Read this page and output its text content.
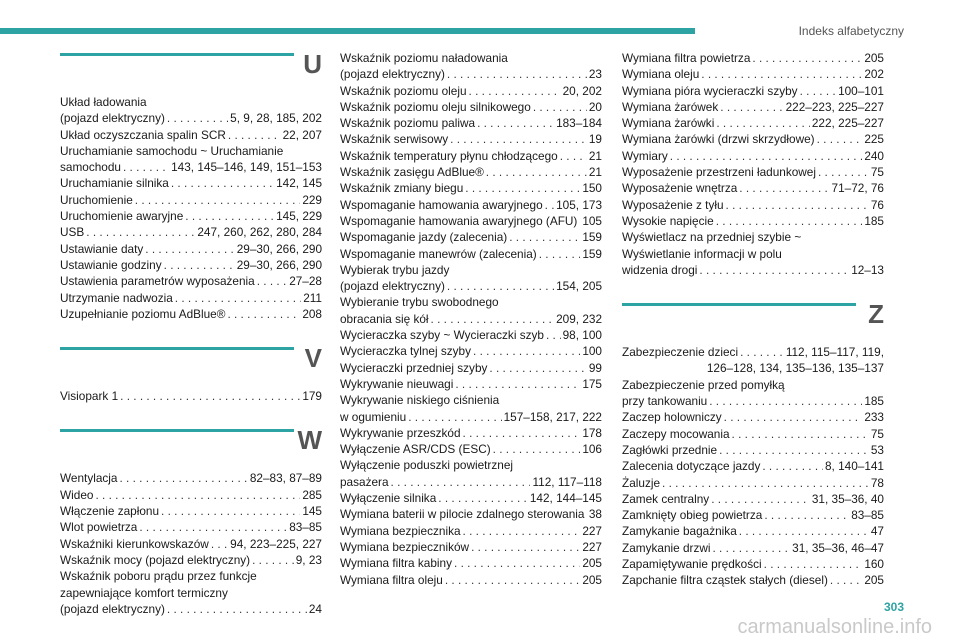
Indeks alfabetyczny
U
Układ ładowania
(pojazd elektryczny) . . .	5, 9, 28, 185, 202
Układ oczyszczania spalin SCR . . .	22, 207
Uruchamianie samochodu ~ Uruchamianie
samochodu . . .	143, 145–146, 149, 151–153
Uruchamianie silnika . . .	142, 145
Uruchomienie . . .	229
Uruchomienie awaryjne . . .	145, 229
USB . . .	247, 260, 262, 280, 284
Ustawianie daty . . .	29–30, 266, 290
Ustawianie godziny . . .	29–30, 266, 290
Ustawienia parametrów wyposażenia . . .	27–28
Utrzymanie nadwozia . . .	211
Uzupełnianie poziomu AdBlue® . . .	208
V
Visiopark 1 . . .	179
W
Wentylacja . . .	82–83, 87–89
Wideo . . .	285
Włączenie zapłonu . . .	145
Wlot powietrza . . .	83–85
Wskaźniki kierunkowskazów . . . 94, 223–225, 227
Wskaźnik mocy (pojazd elektryczny) . . .	9, 23
Wskaźnik poboru prądu przez funkcje
zapewniające komfort termiczny
(pojazd elektryczny) . . .	24
Wskaźnik poziomu naładowania
(pojazd elektryczny) . . .	23
Wskaźnik poziomu oleju . . .	20, 202
Wskaźnik poziomu oleju silnikowego . . .	20
Wskaźnik poziomu paliwa . . .	183–184
Wskaźnik serwisowy . . .	19
Wskaźnik temperatury płynu chłodzącego . . .	21
Wskaźnik zasięgu AdBlue® . . .	21
Wskaźnik zmiany biegu . . .	150
Wspomaganie hamowania awaryjnego . . . 105, 173
Wspomaganie hamowania awaryjnego (AFU) . . . 105
Wspomaganie jazdy (zalecenia) . . .	159
Wspomaganie manewrów (zalecenia) . . .	159
Wybierak trybu jazdy
(pojazd elektryczny) . . .	154, 205
Wybieranie trybu swobodnego
obracania się kół . . .	209, 232
Wycieraczka szyby ~ Wycieraczki szyb . . . 98, 100
Wycieraczka tylnej szyby . . .	100
Wycieraczki przedniej szyby . . .	99
Wykrywanie nieuwagi . . .	175
Wykrywanie niskiego ciśnienia
w ogumieniu . . .	157–158, 217, 222
Wykrywanie przeszkód . . .	178
Wyłączenie ASR/CDS (ESC) . . .	106
Wyłączenie poduszki powietrznej
pasażera . . .	112, 117–118
Wyłączenie silnika . . .	142, 144–145
Wymiana baterii w pilocie zdalnego sterowania . . . 38
Wymiana bezpiecznika . . .	227
Wymiana bezpieczników . . .	227
Wymiana filtra kabiny . . .	205
Wymiana filtra oleju . . .	205
Wymiana filtra powietrza . . .	205
Wymiana oleju . . .	202
Wymiana pióra wycieraczki szyby . . .	100–101
Wymiana żarówek . . .	222–223, 225–227
Wymiana żarówki . . .	222, 225–227
Wymiana żarówki (drzwi skrzydłowe) . . .	225
Wymiary . . .	240
Wyposażenie przestrzeni ładunkowej . . .	75
Wyposażenie wnętrza . . .	71–72, 76
Wyposażenie z tyłu . . .	76
Wysokie napięcie . . .	185
Wyświetlacz na przedniej szybie ~
Wyświetlanie informacji w polu
widzenia drogi . . .	12–13
Z
Zabezpieczenie dzieci . . .	112, 115–117, 119,
126–128, 134, 135–136, 135–137
Zabezpieczenie przed pomyłką
przy tankowaniu . . .	185
Zaczep holowniczy . . .	233
Zaczepy mocowania . . .	75
Zagłówki przednie . . .	53
Zalecenia dotyczące jazdy . . .	8, 140–141
Żaluzje . . .	78
Zamek centralny . . .	31, 35–36, 40
Zamknięty obieg powietrza . . .	83–85
Zamykanie bagażnika . . .	47
Zamykanie drzwi . . .	31, 35–36, 46–47
Zapamiętywanie prędkości . . .	160
Zapchanie filtra cząstek stałych (diesel) . . .	205
303
carmanualsonline.info
